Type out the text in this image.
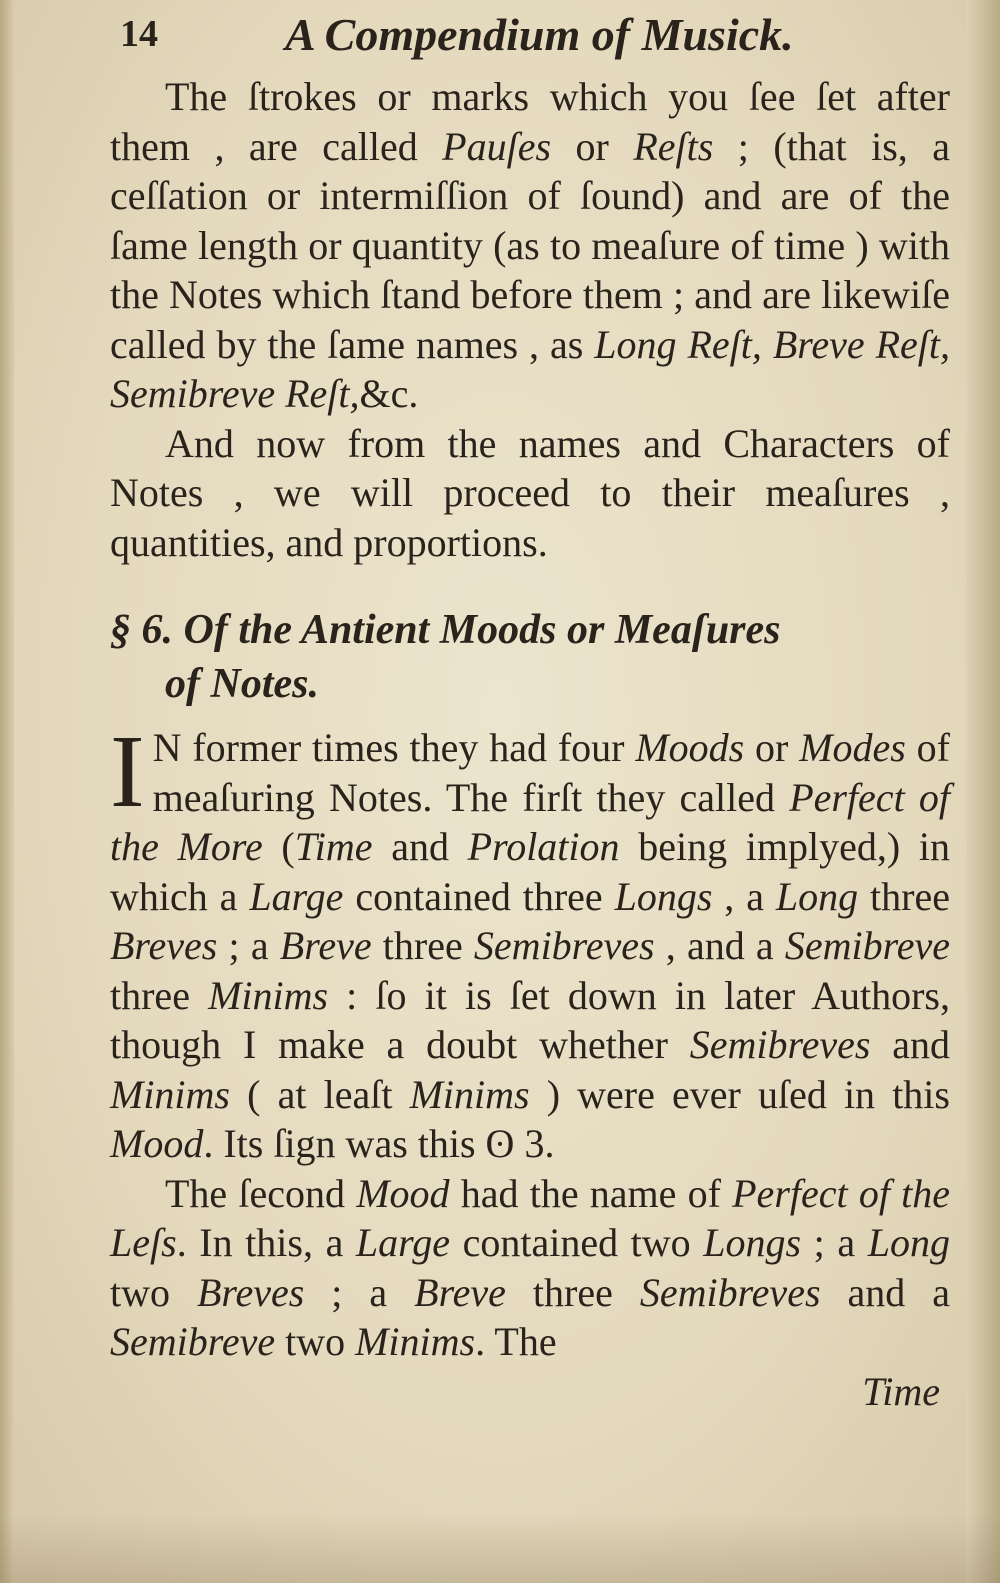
14	A Compendium of Musick.

The ſtrokes or marks which you ſee ſet after them , are called Pauſes or Reſts ; (that is, a ceſſation or intermiſſion of ſound) and are of the ſame length or quantity (as to meaſure of time ) with the Notes which ſtand before them ; and are likewiſe called by the ſame names , as Long Reſt, Breve Reſt, Semibreve Reſt,&c.

And now from the names and Characters of Notes , we will proceed to their meaſures , quantities, and proportions.

§ 6. Of the Antient Moods or Meaſures
of Notes.

I N former times they had four Moods or Modes of meaſuring Notes. The firſt they called Perfect of the More (Time and Prolation being implyed,) in which a Large contained three Longs , a Long three Breves ; a Breve three Semibreves , and a Semibreve three Minims : ſo it is ſet down in later Authors, though I make a doubt whether Semibreves and Minims ( at leaſt Minims ) were ever uſed in this Mood. Its ſign was this ʘ 3.

The ſecond Mood had the name of Perfect of the Leſs. In this, a Large contained two Longs ; a Long two Breves ; a Breve three Semibreves and a Semibreve two Minims. The

Time
